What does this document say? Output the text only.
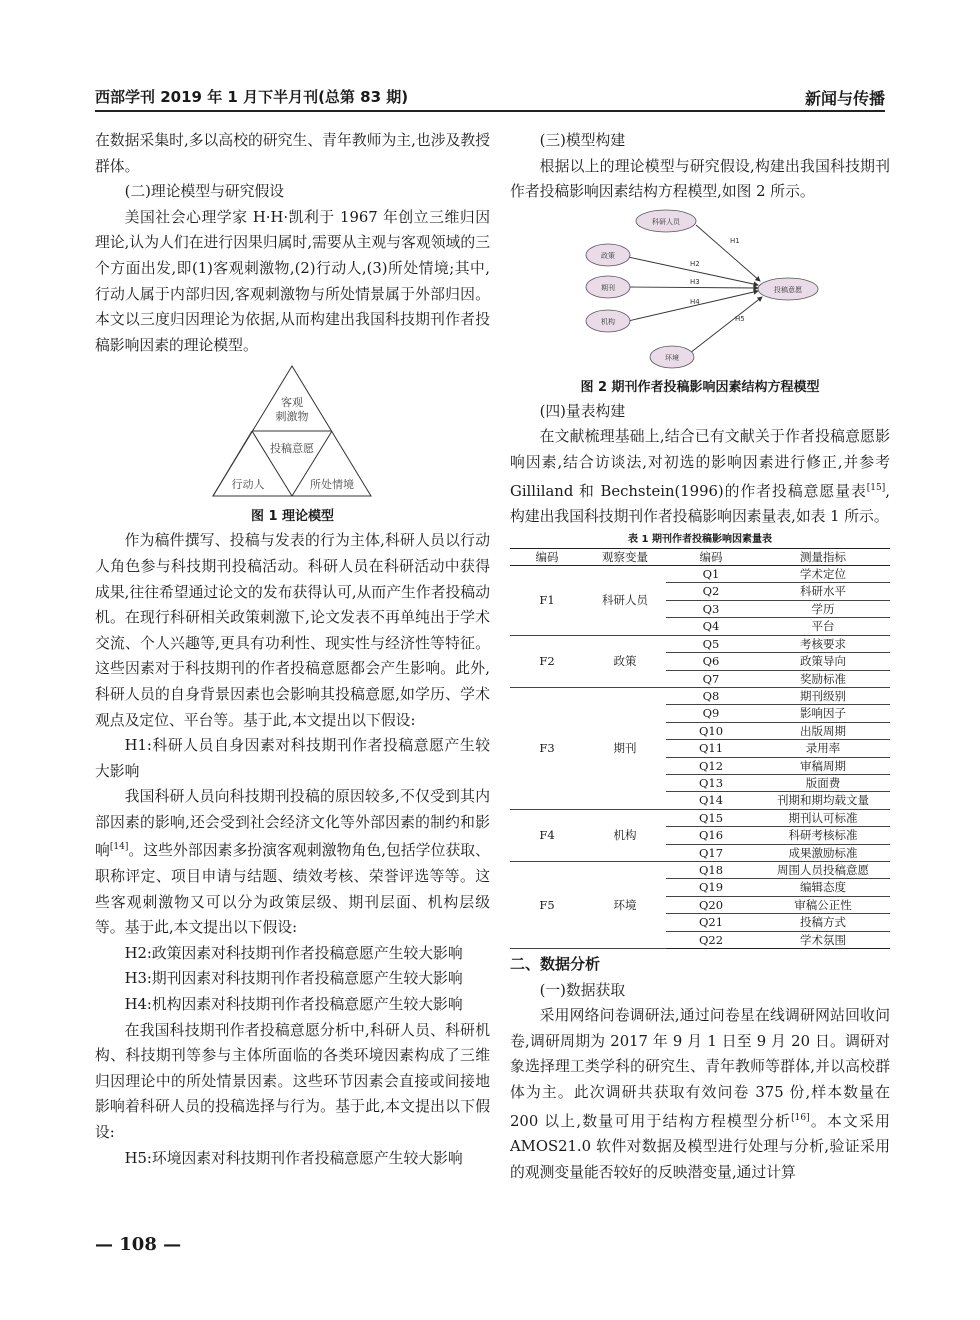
西部学刊 2019 年 1 月下半月刊(总第 83 期)	新闻与传播

在数据采集时,多以高校的研究生、青年教师为主,也涉及教授群体。

(二)理论模型与研究假设

美国社会心理学家 H·H·凯利于 1967 年创立三维归因理论,认为人们在进行因果归属时,需要从主观与客观领域的三个方面出发,即(1)客观刺激物,(2)行动人,(3)所处情境;其中,行动人属于内部归因,客观刺激物与所处情景属于外部归因。本文以三度归因理论为依据,从而构建出我国科技期刊作者投稿影响因素的理论模型。

客观
刺激物
投稿意愿
行动人	所处情境

图 1 理论模型

作为稿件撰写、投稿与发表的行为主体,科研人员以行动人角色参与科技期刊投稿活动。科研人员在科研活动中获得成果,往往希望通过论文的发布获得认可,从而产生作者投稿动机。在现行科研相关政策刺激下,论文发表不再单纯出于学术交流、个人兴趣等,更具有功利性、现实性与经济性等特征。这些因素对于科技期刊的作者投稿意愿都会产生影响。此外,科研人员的自身背景因素也会影响其投稿意愿,如学历、学术观点及定位、平台等。基于此,本文提出以下假设:

H1:科研人员自身因素对科技期刊作者投稿意愿产生较大影响

我国科研人员向科技期刊投稿的原因较多,不仅受到其内部因素的影响,还会受到社会经济文化等外部因素的制约和影响[14]。这些外部因素多扮演客观刺激物角色,包括学位获取、职称评定、项目申请与结题、绩效考核、荣誉评选等等。这些客观刺激物又可以分为政策层级、期刊层面、机构层级等。基于此,本文提出以下假设:

H2:政策因素对科技期刊作者投稿意愿产生较大影响

H3:期刊因素对科技期刊作者投稿意愿产生较大影响

H4:机构因素对科技期刊作者投稿意愿产生较大影响

在我国科技期刊作者投稿意愿分析中,科研人员、科研机构、科技期刊等参与主体所面临的各类环境因素构成了三维归因理论中的所处情景因素。这些环节因素会直接或间接地影响着科研人员的投稿选择与行为。基于此,本文提出以下假设:

H5:环境因素对科技期刊作者投稿意愿产生较大影响

(三)模型构建

根据以上的理论模型与研究假设,构建出我国科技期刊作者投稿影响因素结构方程模型,如图 2 所示。

H1
H2
H3
H4
H5
科研人员
政策
期刊
机构
环境
投稿意愿

图 2 期刊作者投稿影响因素结构方程模型

(四)量表构建

在文献梳理基础上,结合已有文献关于作者投稿意愿影响因素,结合访谈法,对初选的影响因素进行修正,并参考 Gilliland 和 Bechstein(1996)的作者投稿意愿量表[15],构建出我国科技期刊作者投稿影响因素量表,如表 1 所示。

表 1 期刊作者投稿影响因素量表

编码	观察变量	编码	测量指标
F1	科研人员	Q1	学术定位
		Q2	科研水平
		Q3	学历
		Q4	平台
F2	政策	Q5	考核要求
		Q6	政策导向
		Q7	奖励标准
F3	期刊	Q8	期刊级别
		Q9	影响因子
		Q10	出版周期
		Q11	录用率
		Q12	审稿周期
		Q13	版面费
		Q14	刊期和期均载文量
F4	机构	Q15	期刊认可标准
		Q16	科研考核标准
		Q17	成果激励标准
F5	环境	Q18	周围人员投稿意愿
		Q19	编辑态度
		Q20	审稿公正性
		Q21	投稿方式
		Q22	学术氛围

二、数据分析

(一)数据获取

采用网络问卷调研法,通过问卷星在线调研网站回收问卷,调研周期为 2017 年 9 月 1 日至 9 月 20 日。调研对象选择理工类学科的研究生、青年教师等群体,并以高校群体为主。此次调研共获取有效问卷 375 份,样本数量在 200 以上,数量可用于结构方程模型分析[16]。本文采用 AMOS21.0 软件对数据及模型进行处理与分析,验证采用的观测变量能否较好的反映潜变量,通过计算

— 108 —
